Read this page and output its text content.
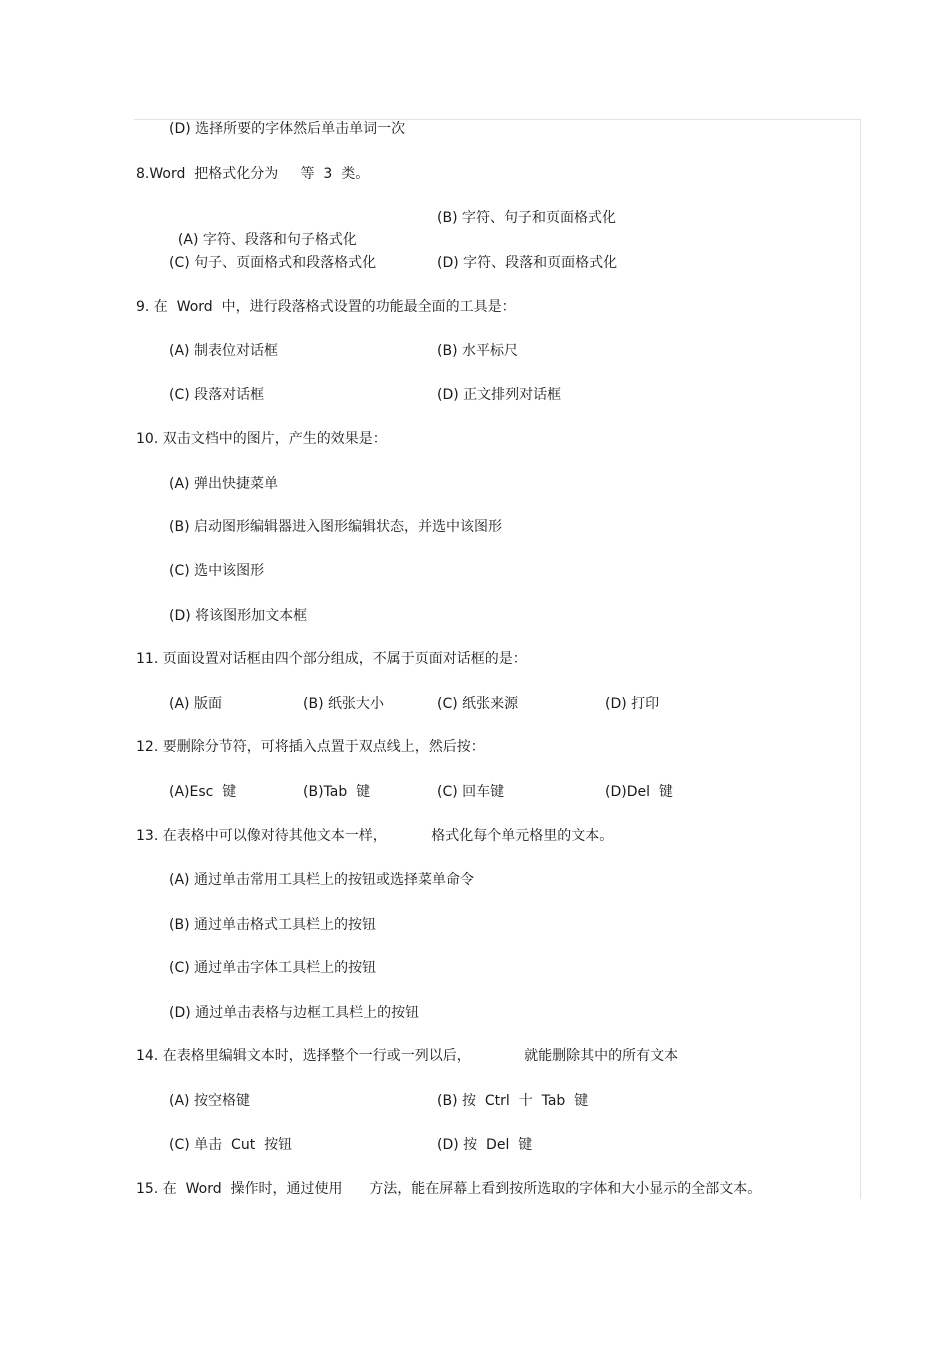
(D) 选择所要的字体然后单击单词一次
8.Word  把格式化分为     等  3  类。

(A) 字符、段落和句子格式化

(B) 字符、句子和页面格式化
(C) 句子、页面格式和段落格式化	(D) 字符、段落和页面格式化
9. 在  Word  中，进行段落格式设置的功能最全面的工具是：
(A) 制表位对话框	(B) 水平标尺
(C) 段落对话框	(D) 正文排列对话框
10. 双击文档中的图片，产生的效果是：
(A) 弹出快捷菜单
(B) 启动图形编辑器进入图形编辑状态，并选中该图形
(C) 选中该图形
(D) 将该图形加文本框
11. 页面设置对话框由四个部分组成，不属于页面对话框的是：
(A) 版面	(B) 纸张大小	(C) 纸张来源	(D) 打印
12. 要删除分节符，可将插入点置于双点线上，然后按：
(A)Esc  键	(B)Tab  键	(C) 回车键	(D)Del  键
13. 在表格中可以像对待其他文本一样，          格式化每个单元格里的文本。
(A) 通过单击常用工具栏上的按钮或选择菜单命令
(B) 通过单击格式工具栏上的按钮
(C) 通过单击字体工具栏上的按钮
(D) 通过单击表格与边框工具栏上的按钮
14. 在表格里编辑文本时，选择整个一行或一列以后，            就能删除其中的所有文本
(A) 按空格键	(B) 按  Ctrl  十  Tab  键
(C) 单击  Cut  按钮	(D) 按  Del  键
15. 在  Word  操作时，通过使用      方法，能在屏幕上看到按所选取的字体和大小显示的全部文本。
